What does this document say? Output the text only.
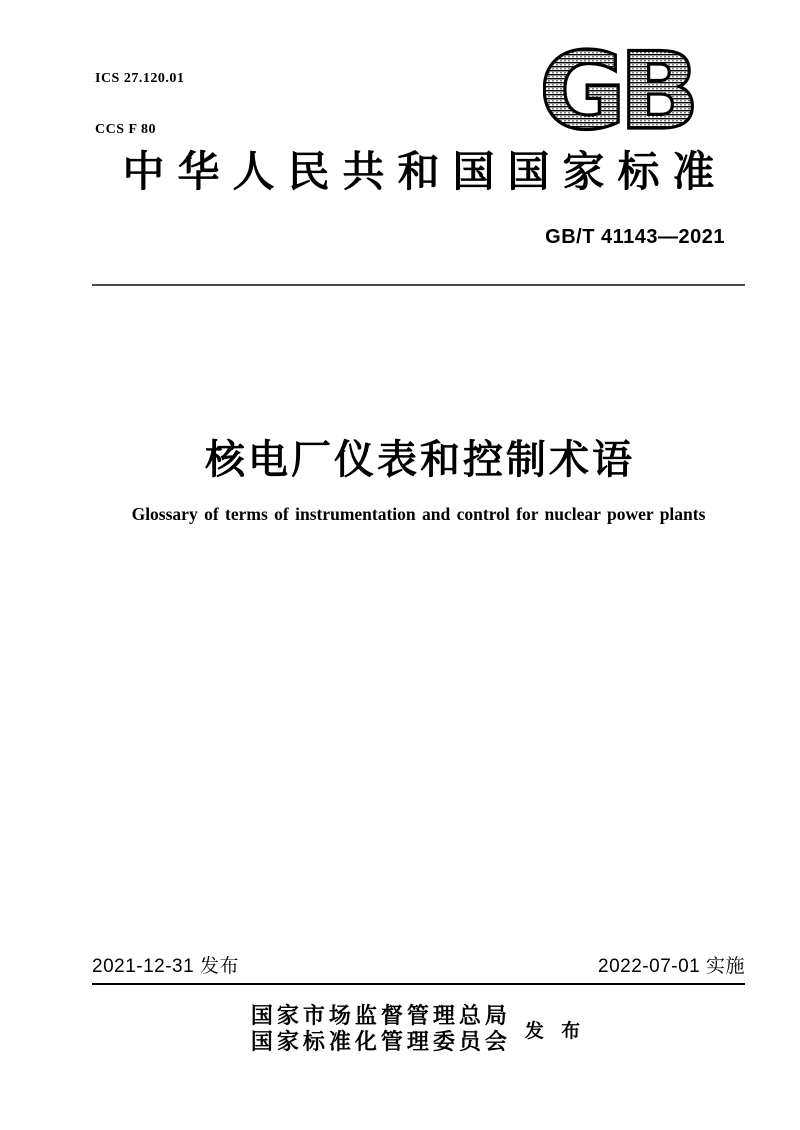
ICS 27.120.01

CCS F 80

	GB
中华人民共和国国家标准
GB/T 41143—2021
核电厂仪表和控制术语
Glossary of terms of instrumentation and control for nuclear power plants
2021-12-31 发布	2022-07-01 实施
国家市场监督管理总局
国家标准化管理委员会 发 布
